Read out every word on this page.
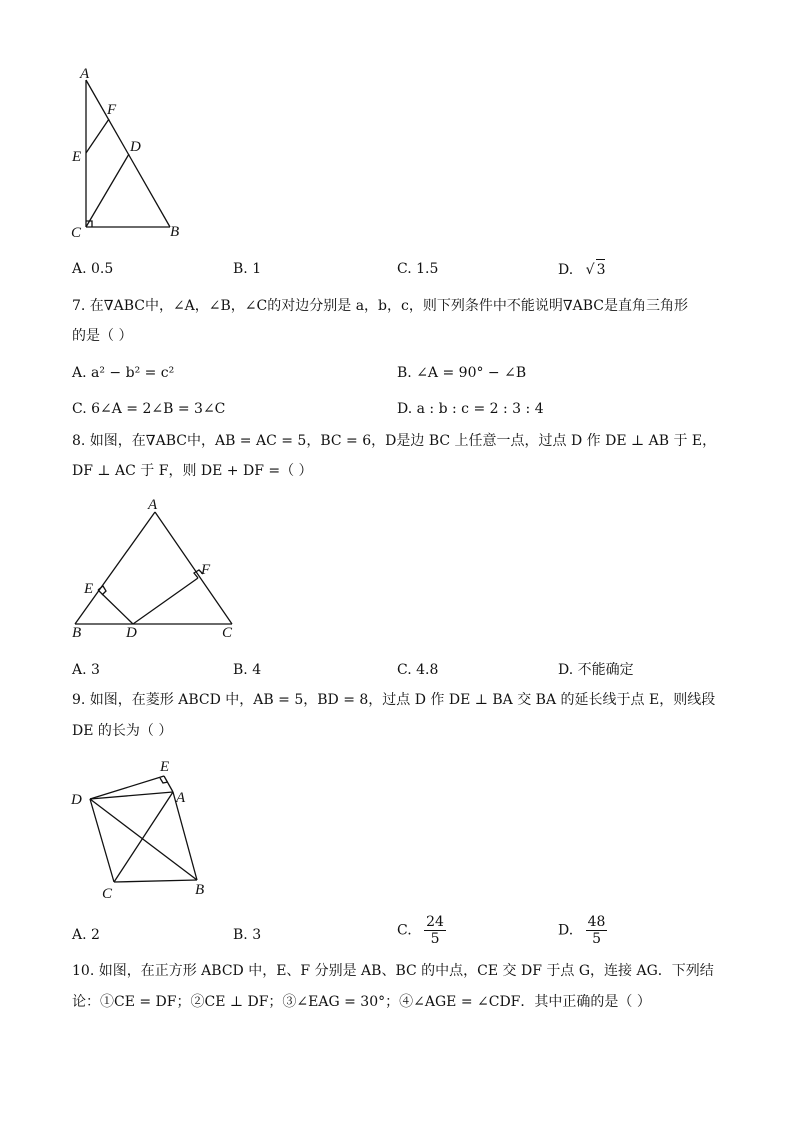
A
F
E
D
C	B
A. 0.5	B. 1	C. 1.5	D. √ 3
7. 在∇ABC中，∠A，∠B，∠C的对边分别是 a，b，c，则下列条件中不能说明∇ABC是直角三角形
的是（ ）
A. a² − b² = c²	B. ∠A = 90° − ∠B
C. 6∠A = 2∠B = 3∠C	D. a : b : c = 2 : 3 : 4
8. 如图，在∇ABC中，AB = AC = 5，BC = 6，D是边 BC 上任意一点，过点 D 作 DE ⊥ AB 于 E，
DF ⊥ AC 于 F，则 DE + DF =（ ）
A
E
F
B	D	C
A. 3	B. 4	C. 4.8	D. 不能确定
9. 如图，在菱形 ABCD 中，AB = 5，BD = 8，过点 D 作 DE ⊥ BA 交 BA 的延长线于点 E，则线段
DE 的长为（ ）
E
D	A
C	B
A. 2	B. 3	C. $\frac{24}{5}$	D. $\frac{48}{5}$
10. 如图，在正方形 ABCD 中，E、F 分别是 AB、BC 的中点，CE 交 DF 于点 G，连接 AG．下列结
论：①CE = DF；②CE ⊥ DF；③∠EAG = 30°；④∠AGE = ∠CDF．其中正确的是（ ）
